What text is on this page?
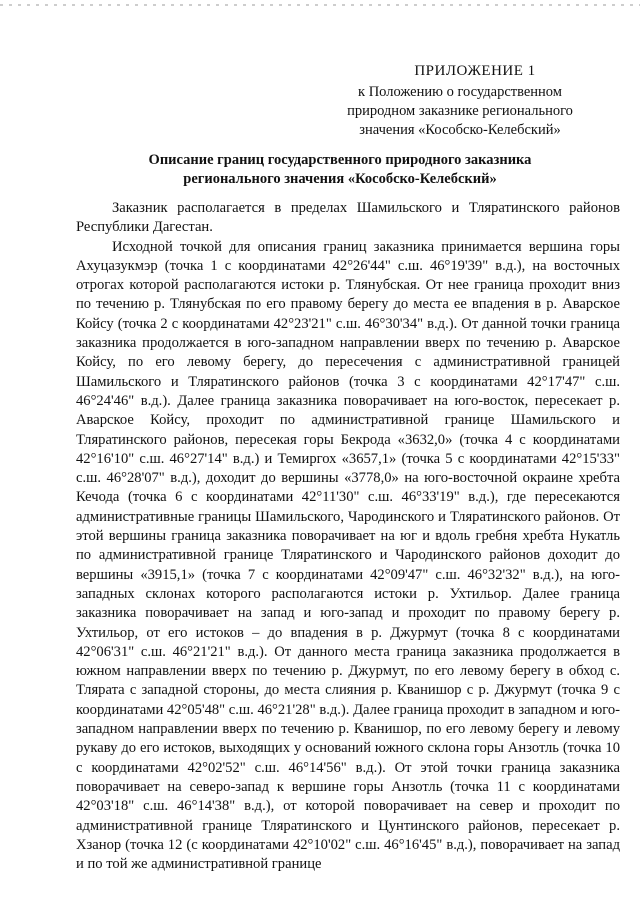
ПРИЛОЖЕНИЕ 1
к Положению о государственном
природном заказнике регионального
значения «Кособско-Келебский»
Описание границ государственного природного заказника
регионального значения «Кособско-Келебский»

Заказник располагается в пределах Шамильского и Тляратинского районов Республики Дагестан.

Исходной точкой для описания границ заказника принимается вершина горы Ахуцазукмэр (точка 1 с координатами 42°26'44" с.ш. 46°19'39" в.д.), на восточных отрогах которой располагаются истоки р. Тлянубская. От нее граница проходит вниз по течению р. Тлянубская по его правому берегу до места ее впадения в р. Аварское Койсу (точка 2 с координатами 42°23'21" с.ш. 46°30'34" в.д.). От данной точки граница заказника продолжается в юго-западном направлении вверх по течению р. Аварское Койсу, по его левому берегу, до пересечения с административной границей Шамильского и Тляратинского районов (точка 3 с координатами 42°17'47" с.ш. 46°24'46" в.д.). Далее граница заказника поворачивает на юго-восток, пересекает р. Аварское Койсу, проходит по административной границе Шамильского и Тляратинского районов, пересекая горы Бекрода «3632,0» (точка 4 с координатами 42°16'10" с.ш. 46°27'14" в.д.) и Темиргох «3657,1» (точка 5 с координатами 42°15'33" с.ш. 46°28'07" в.д.), доходит до вершины «3778,0» на юго-восточной окраине хребта Кечода (точка 6 с координатами 42°11'30" с.ш. 46°33'19" в.д.), где пересекаются административные границы Шамильского, Чародинского и Тляратинского районов. От этой вершины граница заказника поворачивает на юг и вдоль гребня хребта Нукатль по административной границе Тляратинского и Чародинского районов доходит до вершины «3915,1» (точка 7 с координатами 42°09'47" с.ш. 46°32'32" в.д.), на юго-западных склонах которого располагаются истоки р. Ухтильор. Далее граница заказника поворачивает на запад и юго-запад и проходит по правому берегу р. Ухтильор, от его истоков – до впадения в р. Джурмут (точка 8 с координатами 42°06'31" с.ш. 46°21'21" в.д.). От данного места граница заказника продолжается в южном направлении вверх по течению р. Джурмут, по его левому берегу в обход с. Тлярата с западной стороны, до места слияния р. Кванишор с р. Джурмут (точка 9 с координатами 42°05'48" с.ш. 46°21'28" в.д.). Далее граница проходит в западном и юго-западном направлении вверх по течению р. Кванишор, по его левому берегу и левому рукаву до его истоков, выходящих у оснований южного склона горы Анзотль (точка 10 с координатами 42°02'52" с.ш. 46°14'56" в.д.). От этой точки граница заказника поворачивает на северо-запад к вершине горы Анзотль (точка 11 с координатами 42°03'18" с.ш. 46°14'38" в.д.), от которой поворачивает на север и проходит по административной границе Тляратинского и Цунтинского районов, пересекает р. Хзанор (точка 12 (с координатами 42°10'02" с.ш. 46°16'45" в.д.), поворачивает на запад и по той же административной границе
